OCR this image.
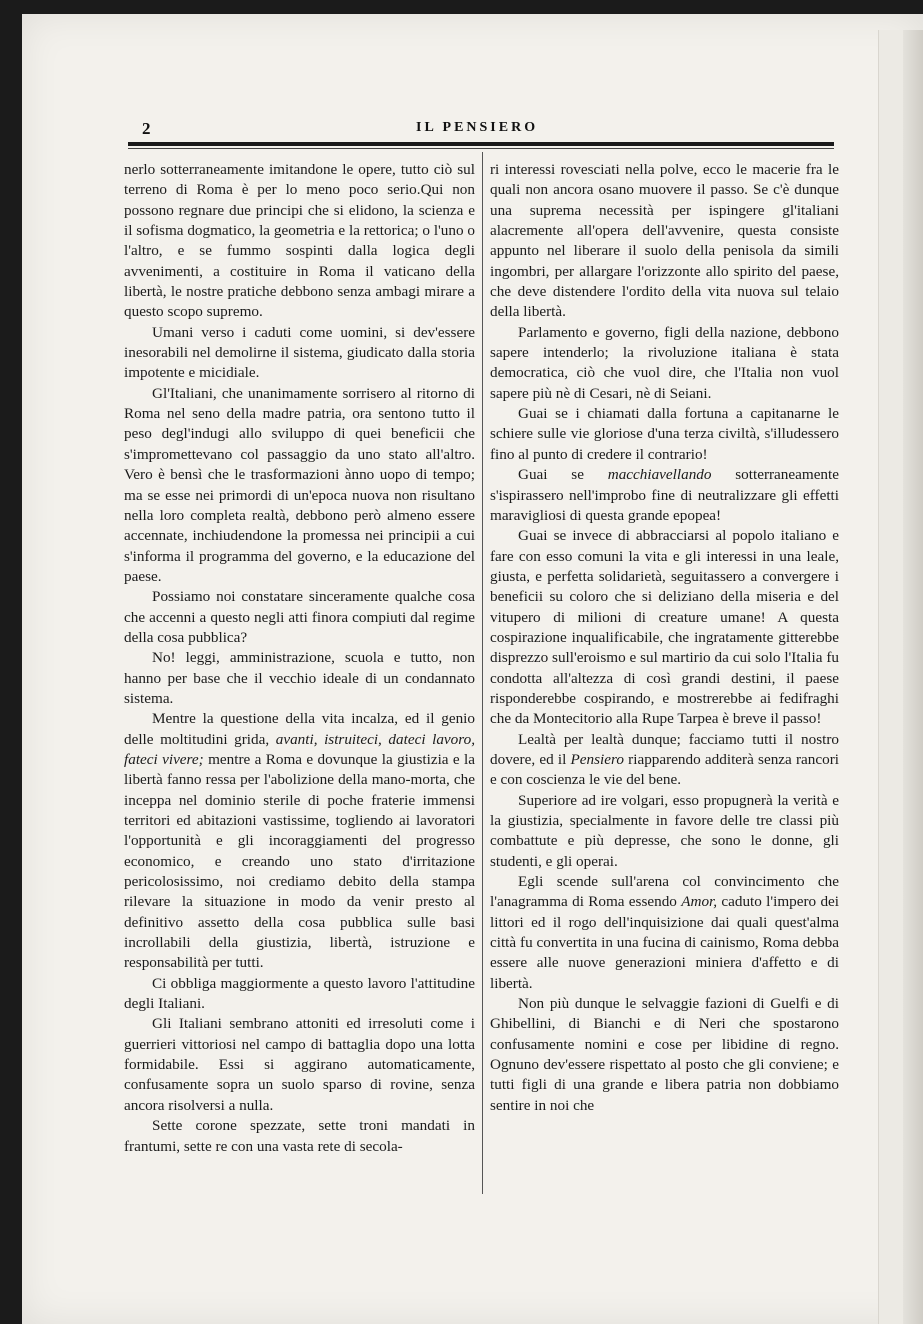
2	IL PENSIERO

nerlo sotterraneamente imitandone le opere, tutto ciò sul terreno di Roma è per lo meno poco serio.Qui non possono regnare due principi che si elidono, la scienza e il sofisma dogmatico, la geometria e la rettorica; o l'uno o l'altro, e se fummo sospinti dalla logica degli avvenimenti, a costituire in Roma il vaticano della libertà, le nostre pratiche debbono senza ambagi mirare a questo scopo supremo.

Umani verso i caduti come uomini, si dev'essere inesorabili nel demolirne il sistema, giudicato dalla storia impotente e micidiale.

Gl'Italiani, che unanimamente sorrisero al ritorno di Roma nel seno della madre patria, ora sentono tutto il peso degl'indugi allo sviluppo di quei beneficii che s'impromettevano col passaggio da uno stato all'altro. Vero è bensì che le trasformazioni ànno uopo di tempo; ma se esse nei primordi di un'epoca nuova non risultano nella loro completa realtà, debbono però almeno essere accennate, inchiudendone la promessa nei principii a cui s'informa il programma del governo, e la educazione del paese.

Possiamo noi constatare sinceramente qualche cosa che accenni a questo negli atti finora compiuti dal regime della cosa pubblica?

No! leggi, amministrazione, scuola e tutto, non hanno per base che il vecchio ideale di un condannato sistema.

Mentre la questione della vita incalza, ed il genio delle moltitudini grida, avanti, istruiteci, dateci lavoro, fateci vivere; mentre a Roma e dovunque la giustizia e la libertà fanno ressa per l'abolizione della mano-morta, che inceppa nel dominio sterile di poche fraterie immensi territori ed abitazioni vastissime, togliendo ai lavoratori l'opportunità e gli incoraggiamenti del progresso economico, e creando uno stato d'irritazione pericolosissimo, noi crediamo debito della stampa rilevare la situazione in modo da venir presto al definitivo assetto della cosa pubblica sulle basi incrollabili della giustizia, libertà, istruzione e responsabilità per tutti.

Ci obbliga maggiormente a questo lavoro l'attitudine degli Italiani.

Gli Italiani sembrano attoniti ed irresoluti come i guerrieri vittoriosi nel campo di battaglia dopo una lotta formidabile. Essi si aggirano automaticamente, confusamente sopra un suolo sparso di rovine, senza ancora risolversi a nulla.

Sette corone spezzate, sette troni mandati in frantumi, sette re con una vasta rete di secola-

ri interessi rovesciati nella polve, ecco le macerie fra le quali non ancora osano muovere il passo. Se c'è dunque una suprema necessità per ispingere gl'italiani alacremente all'opera dell'avvenire, questa consiste appunto nel liberare il suolo della penisola da simili ingombri, per allargare l'orizzonte allo spirito del paese, che deve distendere l'ordito della vita nuova sul telaio della libertà.

Parlamento e governo, figli della nazione, debbono sapere intenderlo; la rivoluzione italiana è stata democratica, ciò che vuol dire, che l'Italia non vuol sapere più nè di Cesari, nè di Seiani.

Guai se i chiamati dalla fortuna a capitanarne le schiere sulle vie gloriose d'una terza civiltà, s'illudessero fino al punto di credere il contrario!

Guai se macchiavellando sotterraneamente s'ispirassero nell'improbo fine di neutralizzare gli effetti maravigliosi di questa grande epopea!

Guai se invece di abbracciarsi al popolo italiano e fare con esso comuni la vita e gli interessi in una leale, giusta, e perfetta solidarietà, seguitassero a convergere i beneficii su coloro che si deliziano della miseria e del vitupero di milioni di creature umane! A questa cospirazione inqualificabile, che ingratamente gitterebbe disprezzo sull'eroismo e sul martirio da cui solo l'Italia fu condotta all'altezza di così grandi destini, il paese risponderebbe cospirando, e mostrerebbe ai fedifraghi che da Montecitorio alla Rupe Tarpea è breve il passo!

Lealtà per lealtà dunque; facciamo tutti il nostro dovere, ed il Pensiero riapparendo additerà senza rancori e con coscienza le vie del bene.

Superiore ad ire volgari, esso propugnerà la verità e la giustizia, specialmente in favore delle tre classi più combattute e più depresse, che sono le donne, gli studenti, e gli operai.

Egli scende sull'arena col convincimento che l'anagramma di Roma essendo Amor, caduto l'impero dei littori ed il rogo dell'inquisizione dai quali quest'alma città fu convertita in una fucina di cainismo, Roma debba essere alle nuove generazioni miniera d'affetto e di libertà.

Non più dunque le selvaggie fazioni di Guelfi e di Ghibellini, di Bianchi e di Neri che spostarono confusamente nomini e cose per libidine di regno. Ognuno dev'essere rispettato al posto che gli conviene; e tutti figli di una grande e libera patria non dobbiamo sentire in noi che
